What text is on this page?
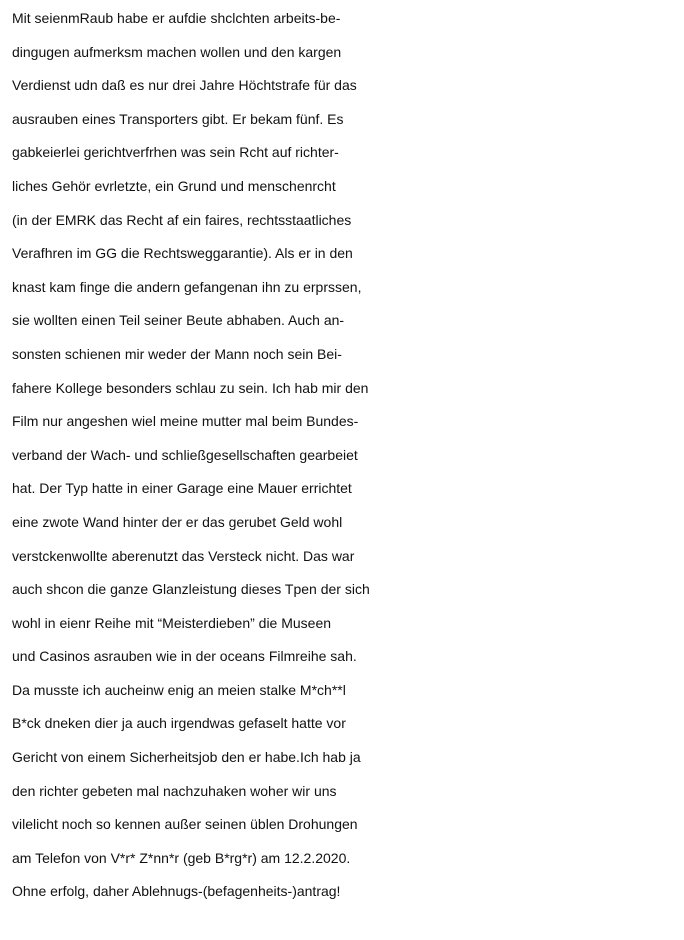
Mit seienmRaub habe er aufdie shclchten arbeits-be-
dingugen aufmerksm machen wollen und den kargen
Verdienst udn daß es nur drei Jahre Höchtstrafe für das
ausrauben eines Transporters gibt. Er bekam fünf. Es
gabkeierlei gerichtverfrhen was sein Rcht auf richter-
liches Gehör evrletzte, ein Grund und menschenrcht
(in der EMRK das Recht af ein faires, rechtsstaatliches
Verafhren im GG die Rechtsweggarantie). Als er in den
knast kam finge die andern gefangenan ihn zu erprssen,
sie wollten einen Teil seiner Beute abhaben. Auch an-
sonsten schienen mir weder der Mann noch sein Bei-
fahere Kollege besonders schlau zu sein. Ich hab mir den
Film nur angeshen wiel meine mutter mal beim Bundes-
verband der Wach- und schließgesellschaften gearbeiet
hat. Der Typ hatte in einer Garage eine Mauer errichtet
eine zwote Wand hinter der er das gerubet Geld wohl
verstckenwollte aberenutzt das Versteck nicht. Das war
auch shcon die ganze Glanzleistung dieses Tpen der sich
wohl in eienr Reihe mit “Meisterdieben” die Museen
und Casinos asrauben wie in der oceans Filmreihe sah.
Da musste ich aucheinw enig an meien stalke M*ch**l
B*ck dneken dier ja auch irgendwas gefaselt hatte vor
Gericht von einem Sicherheitsjob den er habe.Ich hab ja
den richter gebeten mal nachzuhaken woher wir uns
vilelicht noch so kennen außer seinen üblen Drohungen
am Telefon von V*r* Z*nn*r (geb B*rg*r) am 12.2.2020.
Ohne erfolg, daher Ablehnugs-(befagenheits-)antrag!
